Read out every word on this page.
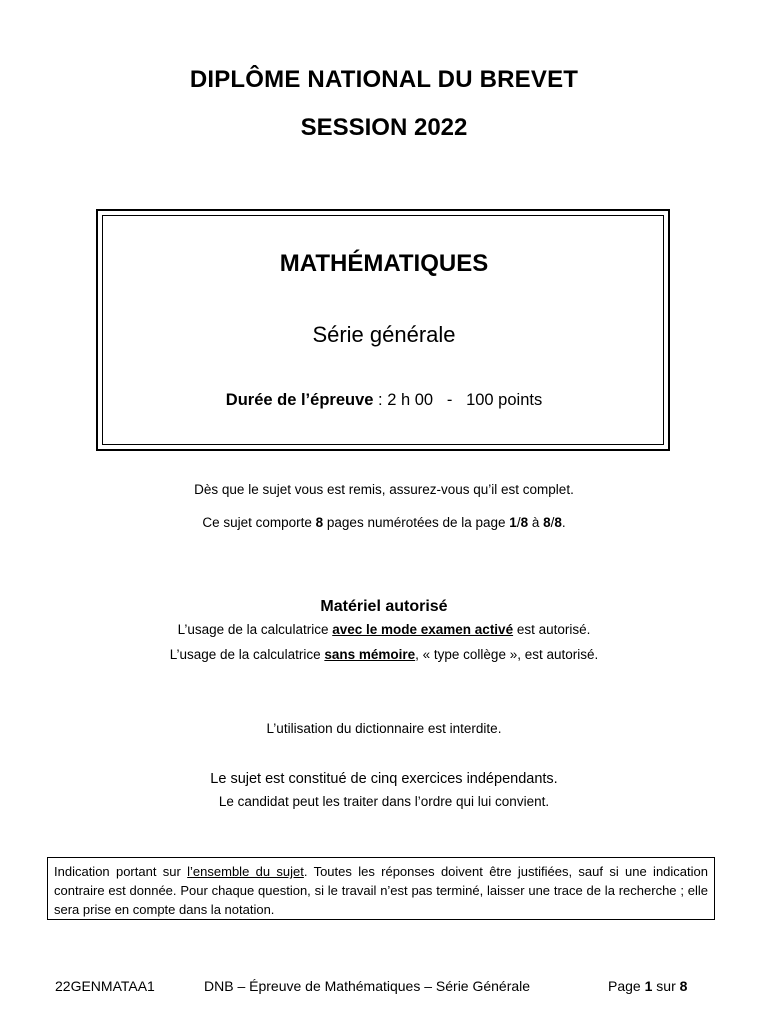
DIPLÔME NATIONAL DU BREVET
SESSION 2022
MATHÉMATIQUES
Série générale
Durée de l’épreuve : 2 h 00   -   100 points
Dès que le sujet vous est remis, assurez-vous qu’il est complet.
Ce sujet comporte 8 pages numérotées de la page 1/8 à 8/8.
Matériel autorisé
L’usage de la calculatrice avec le mode examen activé est autorisé.
L’usage de la calculatrice sans mémoire, « type collège », est autorisé.
L’utilisation du dictionnaire est interdite.
Le sujet est constitué de cinq exercices indépendants.
Le candidat peut les traiter dans l’ordre qui lui convient.
Indication portant sur l’ensemble du sujet. Toutes les réponses doivent être justifiées, sauf si une indication contraire est donnée. Pour chaque question, si le travail n’est pas terminé, laisser une trace de la recherche ; elle sera prise en compte dans la notation.
22GENMATAA1	DNB – Épreuve de Mathématiques – Série Générale	Page 1 sur 8
